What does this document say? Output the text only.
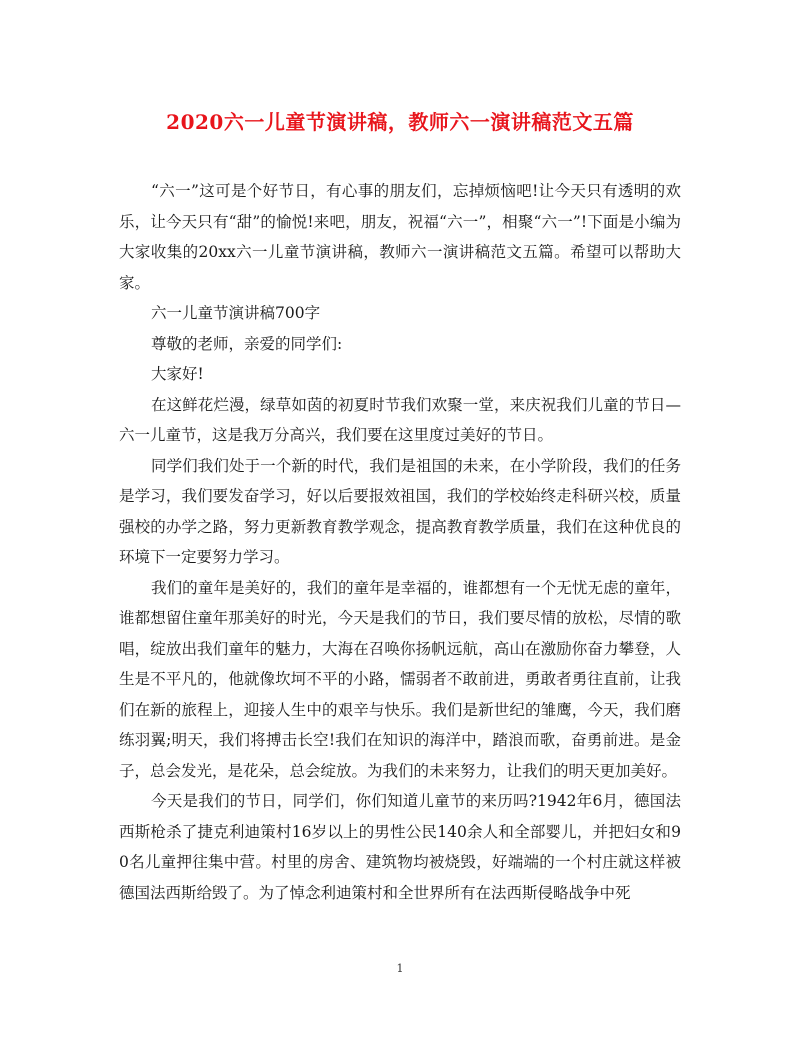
2020六一儿童节演讲稿，教师六一演讲稿范文五篇

“六一”这可是个好节日，有心事的朋友们，忘掉烦恼吧!让今天只有透明的欢乐，让今天只有“甜”的愉悦!来吧，朋友，祝福“六一”，相聚“六一”!下面是小编为大家收集的20xx六一儿童节演讲稿，教师六一演讲稿范文五篇。希望可以帮助大家。

六一儿童节演讲稿700字

尊敬的老师，亲爱的同学们:

大家好!

在这鲜花烂漫，绿草如茵的初夏时节我们欢聚一堂，来庆祝我们儿童的节日—六一儿童节，这是我万分高兴，我们要在这里度过美好的节日。

同学们我们处于一个新的时代，我们是祖国的未来，在小学阶段，我们的任务是学习，我们要发奋学习，好以后要报效祖国，我们的学校始终走科研兴校，质量强校的办学之路，努力更新教育教学观念，提高教育教学质量，我们在这种优良的环境下一定要努力学习。

我们的童年是美好的，我们的童年是幸福的，谁都想有一个无忧无虑的童年，谁都想留住童年那美好的时光，今天是我们的节日，我们要尽情的放松，尽情的歌唱，绽放出我们童年的魅力，大海在召唤你扬帆远航，高山在激励你奋力攀登，人生是不平凡的，他就像坎坷不平的小路，懦弱者不敢前进，勇敢者勇往直前，让我们在新的旅程上，迎接人生中的艰辛与快乐。我们是新世纪的雏鹰，今天，我们磨练羽翼;明天，我们将搏击长空!我们在知识的海洋中，踏浪而歌，奋勇前进。是金子，总会发光，是花朵，总会绽放。为我们的未来努力，让我们的明天更加美好。

今天是我们的节日，同学们，你们知道儿童节的来历吗?1942年6月，德国法西斯枪杀了捷克利迪策村16岁以上的男性公民140余人和全部婴儿，并把妇女和90名儿童押往集中营。村里的房舍、建筑物均被烧毁，好端端的一个村庄就这样被德国法西斯给毁了。为了悼念利迪策村和全世界所有在法西斯侵略战争中死

1
